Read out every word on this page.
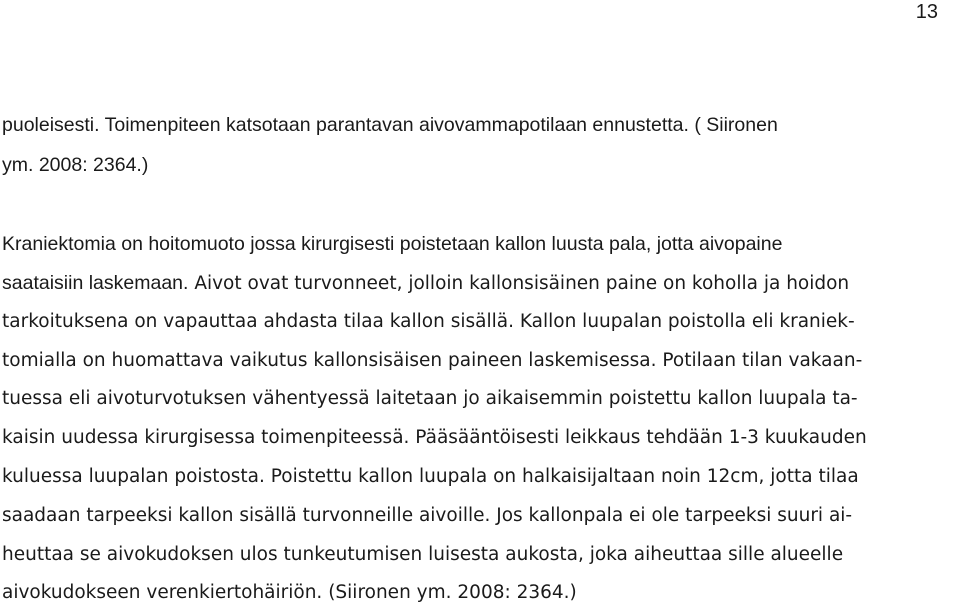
13
puoleisesti. Toimenpiteen katsotaan parantavan aivovammapotilaan ennustetta. ( Siironen
ym. 2008: 2364.)
Kraniektomia on hoitomuoto jossa kirurgisesti poistetaan kallon luusta pala, jotta aivopaine
saataisiin laskemaan. Aivot ovat turvonneet, jolloin kallonsisäinen paine on koholla ja hoidon
tarkoituksena on vapauttaa ahdasta tilaa kallon sisällä. Kallon luupalan poistolla eli kraniek-
tomialla on huomattava vaikutus kallonsisäisen paineen laskemisessa. Potilaan tilan vakaan-
tuessa eli aivoturvotuksen vähentyessä laitetaan jo aikaisemmin poistettu kallon luupala ta-
kaisin uudessa kirurgisessa toimenpiteessä. Pääsääntöisesti leikkaus tehdään 1-3 kuukauden
kuluessa luupalan poistosta. Poistettu kallon luupala on halkaisijaltaan noin 12cm, jotta tilaa
saadaan tarpeeksi kallon sisällä turvonneille aivoille. Jos kallonpala ei ole tarpeeksi suuri ai-
heuttaa se aivokudoksen ulos tunkeutumisen luisesta aukosta, joka aiheuttaa sille alueelle
aivokudokseen verenkiertohäiriön. (Siironen ym. 2008: 2364.)
